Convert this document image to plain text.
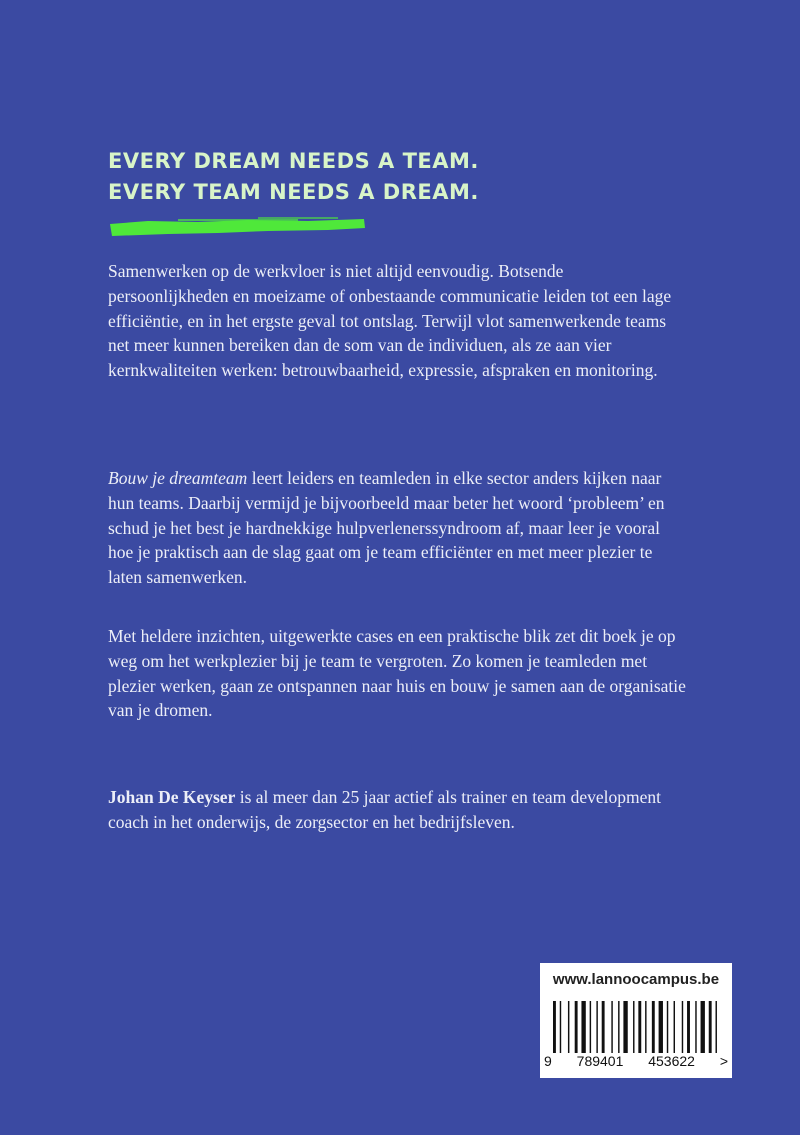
EVERY DREAM NEEDS A TEAM.
EVERY TEAM NEEDS A DREAM.

Samenwerken op de werkvloer is niet altijd eenvoudig. Botsende persoonlijkheden en moeizame of onbestaande communicatie leiden tot een lage efficiëntie, en in het ergste geval tot ontslag. Terwijl vlot samenwerkende teams net meer kunnen bereiken dan de som van de individuen, als ze aan vier kernkwaliteiten werken: betrouwbaarheid, expressie, afspraken en monitoring.

Bouw je dreamteam leert leiders en teamleden in elke sector anders kijken naar hun teams. Daarbij vermijd je bijvoorbeeld maar beter het woord ‘probleem’ en schud je het best je hardnekkige hulpverlenerssyndroom af, maar leer je vooral hoe je praktisch aan de slag gaat om je team efficiënter en met meer plezier te laten samenwerken.

Met heldere inzichten, uitgewerkte cases en een praktische blik zet dit boek je op weg om het werkplezier bij je team te vergroten. Zo komen je teamleden met plezier werken, gaan ze ontspannen naar huis en bouw je samen aan de organisatie van je dromen.

Johan De Keyser is al meer dan 25 jaar actief als trainer en team development coach in het onderwijs, de zorgsector en het bedrijfsleven.

www.lannoocampus.be
9 789401 453622 >
